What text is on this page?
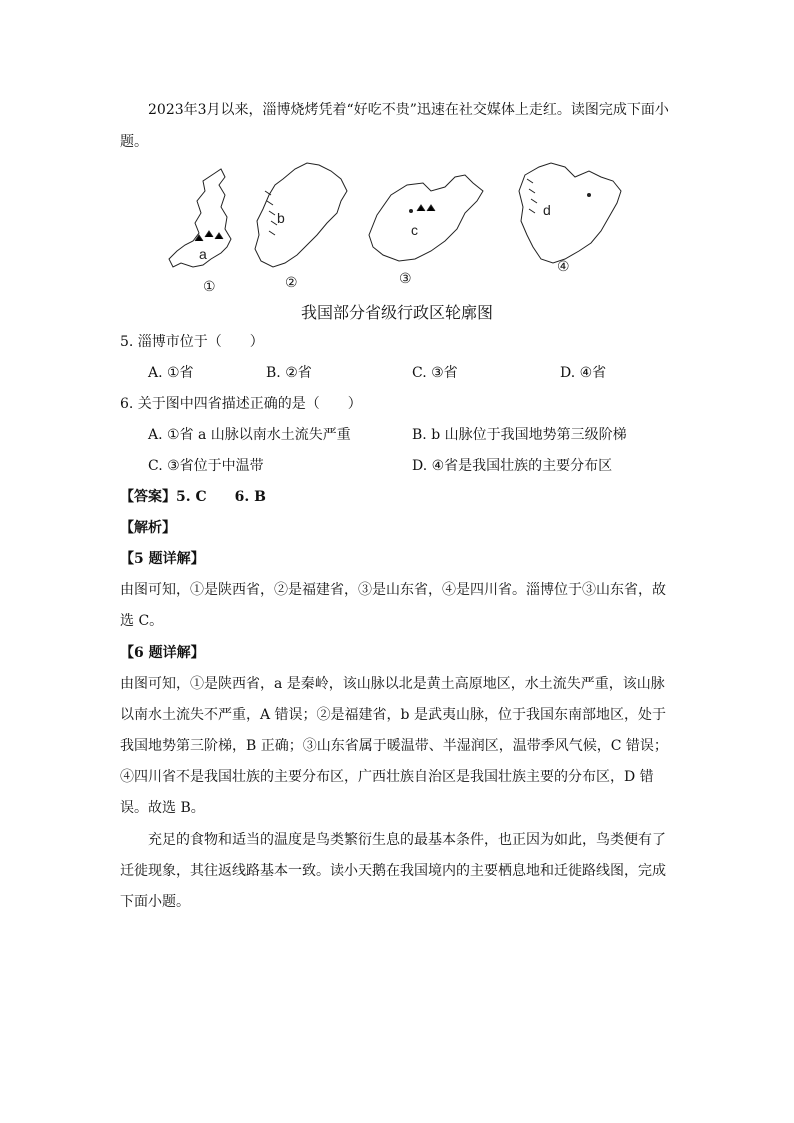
2023年3月以来，淄博烧烤凭着“好吃不贵”迅速在社交媒体上走红。读图完成下面小
题。
a
b
c
d
①	②	③
④
我国部分省级行政区轮廓图
5. 淄博市位于（　　）
A. ①省	B. ②省	C. ③省	D. ④省
6. 关于图中四省描述正确的是（　　）
A. ①省 a 山脉以南水土流失严重	B. b 山脉位于我国地势第三级阶梯
C. ③省位于中温带	D. ④省是我国壮族的主要分布区
【答案】5. C　　6. B
【解析】
【5 题详解】
由图可知，①是陕西省，②是福建省，③是山东省，④是四川省。淄博位于③山东省，故
选 C。
【6 题详解】
由图可知，①是陕西省，a 是秦岭，该山脉以北是黄土高原地区，水土流失严重，该山脉
以南水土流失不严重，A 错误；②是福建省，b 是武夷山脉，位于我国东南部地区，处于
我国地势第三阶梯，B 正确；③山东省属于暖温带、半湿润区，温带季风气候，C 错误；
④四川省不是我国壮族的主要分布区，广西壮族自治区是我国壮族主要的分布区，D 错
误。故选 B。
充足的食物和适当的温度是鸟类繁衍生息的最基本条件，也正因为如此，鸟类便有了
迁徙现象，其往返线路基本一致。读小天鹅在我国境内的主要栖息地和迁徙路线图，完成
下面小题。
